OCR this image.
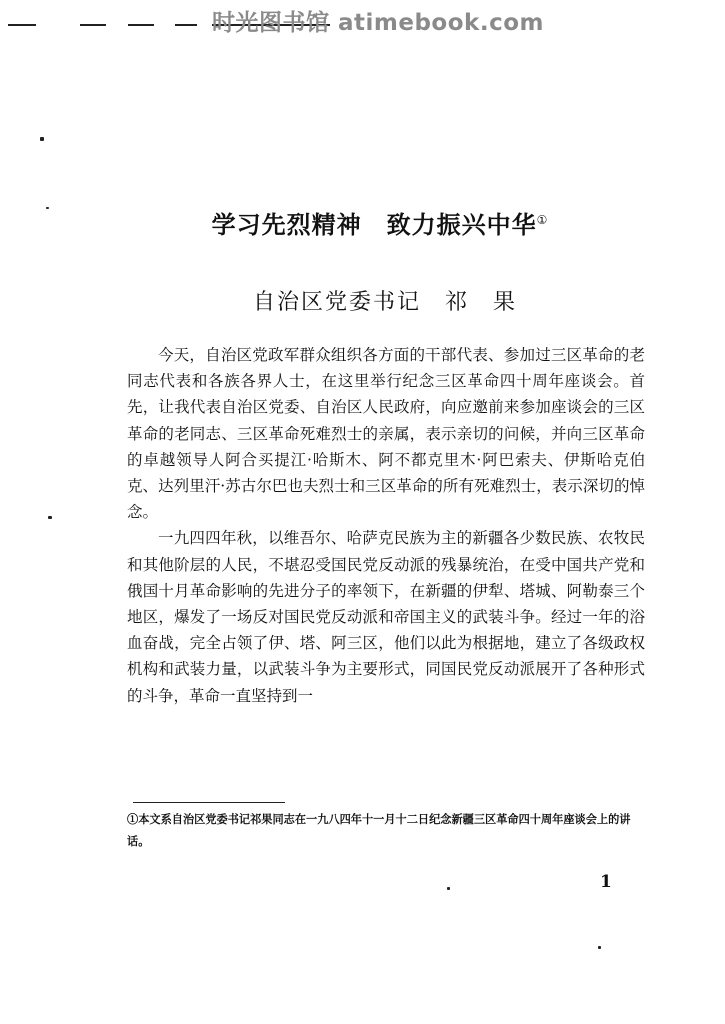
时光图书馆 atimebook.com
学习先烈精神　致力振兴中华①
自治区党委书记　祁　果

今天，自治区党政军群众组织各方面的干部代表、参加过三区革命的老同志代表和各族各界人士，在这里举行纪念三区革命四十周年座谈会。首先，让我代表自治区党委、自治区人民政府，向应邀前来参加座谈会的三区革命的老同志、三区革命死难烈士的亲属，表示亲切的问候，并向三区革命的卓越领导人阿合买提江·哈斯木、阿不都克里木·阿巴索夫、伊斯哈克伯克、达列里汗·苏古尔巴也夫烈士和三区革命的所有死难烈士，表示深切的悼念。

一九四四年秋，以维吾尔、哈萨克民族为主的新疆各少数民族、农牧民和其他阶层的人民，不堪忍受国民党反动派的残暴统治，在受中国共产党和俄国十月革命影响的先进分子的率领下，在新疆的伊犁、塔城、阿勒泰三个地区，爆发了一场反对国民党反动派和帝国主义的武装斗争。经过一年的浴血奋战，完全占领了伊、塔、阿三区，他们以此为根据地，建立了各级政权机构和武装力量，以武装斗争为主要形式，同国民党反动派展开了各种形式的斗争，革命一直坚持到一

①本文系自治区党委书记祁果同志在一九八四年十一月十二日纪念新疆三区革命四十周年座谈会上的讲话。
1
